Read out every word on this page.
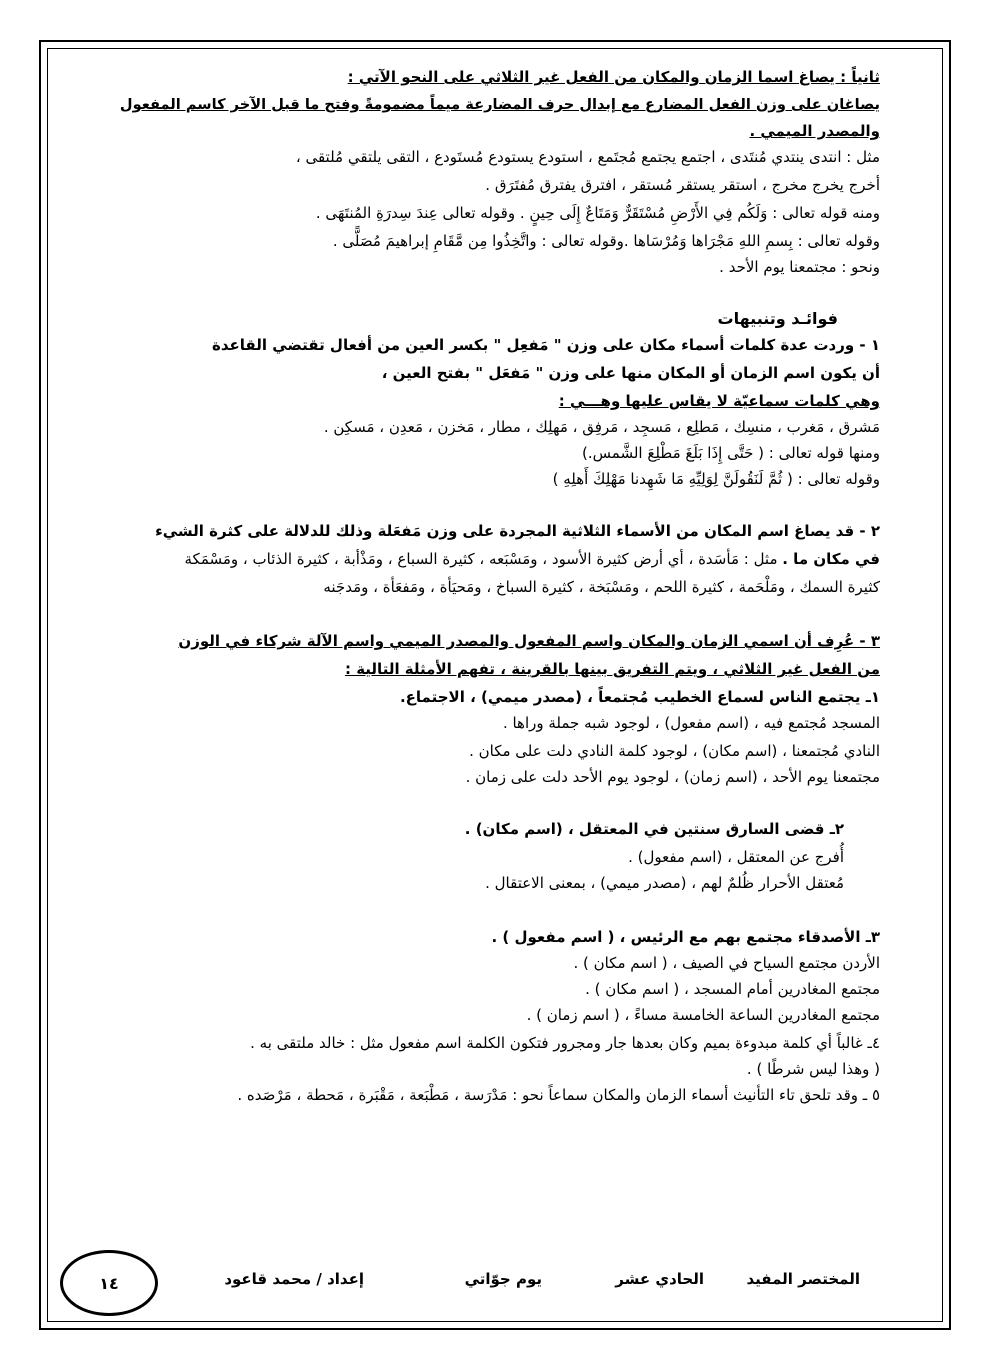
ثانياً : يصاغ اسما الزمان والمكان من الفعل غير الثلاثي على النحو الآتي :
يصاغان على وزن الفعل المضارع مع إبدال حرف المضارعة ميماً مضمومةً وفتح ما قبل الآخر كاسم المفعول
والمصدر الميمي .
مثل : انتدى ينتدي مُنتَدى ، اجتمع يجتمع مُجتَمع ، استودع يستودع مُستَودع ، التقى يلتقي مُلتقى ،
أخرج يخرج مخرج ، استقر يستقر مُستقر ، افترق يفترق مُفتَرَق .
ومنه قوله تعالى : وَلَكُم فِي الأَرْضِ مُسْتَقَرٌّ وَمَتَاعٌ إِلَى حِينٍ . وقوله تعالى عِندَ سِدرَةِ المُنتَهَى .
وقوله تعالى : بِسمِ اللهِ مَجْرَاها وَمُرْسَاها .وقوله تعالى : واتَّخِذُوا مِن مَّقَامِ إبراهيمَ مُصَلًّى .
ونحو : مجتمعنا يوم الأحد .
فوائـد وتنبيهات
١ - وردت عدة كلمات أسماء مكان على وزن " مَفعِل " بكسر العين من أفعال تقتضي القاعدة
أن يكون اسم الزمان أو المكان منها على وزن " مَفعَل " بفتح العين ،
وهي كلمات سماعيّة لا يقاس عليها وهـــي :
مَشرق ، مَغرب ، منسِك ، مَطلِع ، مَسجِد ، مَرفِق ، مَهلِك ، مطار ، مَخزن ، مَعدِن ، مَسكِن .
ومنها قوله تعالى : ( حَتَّى إِذَا بَلَغَ مَطْلِعَ الشَّمس.)
وقوله تعالى : ( ثُمَّ لَنَقُولَنَّ لِوَلِيِّهِ مَا شَهِدنا مَهْلِكَ أَهلِهِ )
٢ - قد يصاغ اسم المكان من الأسماء الثلاثية المجردة على وزن مَفعَلة وذلك للدلالة على كثرة الشيء
في مكان ما . مثل : مَأسَدة ، أي أرض كثيرة الأسود ، ومَسْبَعه ، كثيرة السباع ، ومَذْأبة ، كثيرة الذئاب ، ومَسْمَكة
كثيرة السمك ، ومَلْحَمة ، كثيرة اللحم ، ومَسْبَخة ، كثيرة السباخ ، ومَحيَأة ، ومَفعَأة ، ومَدجَنه
٣ - عُرِف أن اسمي الزمان والمكان واسم المفعول والمصدر الميمي واسم الآلة شركاء في الوزن
من الفعل غير الثلاثي ، ويتم التفريق بينها بالقرينة ، تفهم الأمثلة التالية :
١ـ يجتمع الناس لسماع الخطيب مُجتمعاً ، (مصدر ميمي) ، الاجتماع.
المسجد مُجتمع فيه ، (اسم مفعول) ، لوجود شبه جملة وراها .
النادي مُجتمعنا ، (اسم مكان) ، لوجود كلمة النادي دلت على مكان .
مجتمعنا يوم الأحد ، (اسم زمان) ، لوجود يوم الأحد دلت على زمان .
٢ـ قضى السارق سنتين في المعتقل ، (اسم مكان) .
أُفرج عن المعتقل ، (اسم مفعول) .
مُعتقل الأحرار ظُلمٌ لهم ، (مصدر ميمي) ، بمعنى الاعتقال .
٣ـ الأصدقاء مجتمع بهم مع الرئيس ، ( اسم مفعول ) .
الأردن مجتمع السياح في الصيف ، ( اسم مكان ) .
مجتمع المغادرين أمام المسجد ، ( اسم مكان ) .
مجتمع المغادرين الساعة الخامسة مساءً ، ( اسم زمان ) .
٤ـ غالباً أي كلمة مبدوءة بميم وكان بعدها جار ومجرور فتكون الكلمة اسم مفعول مثل : خالد ملتقى به .
( وهذا ليس شرطًا ) .
٥ ـ وقد تلحق تاء التأنيث أسماء الزمان والمكان سماعاً نحو : مَدْرَسة ، مَطْبَعة ، مَقْبَرة ، مَحطة ، مَرْصَده .
المختصر المفيد
الحادي عشر
يوم جوّاتي
إعداد / محمد قاعود
١٤
